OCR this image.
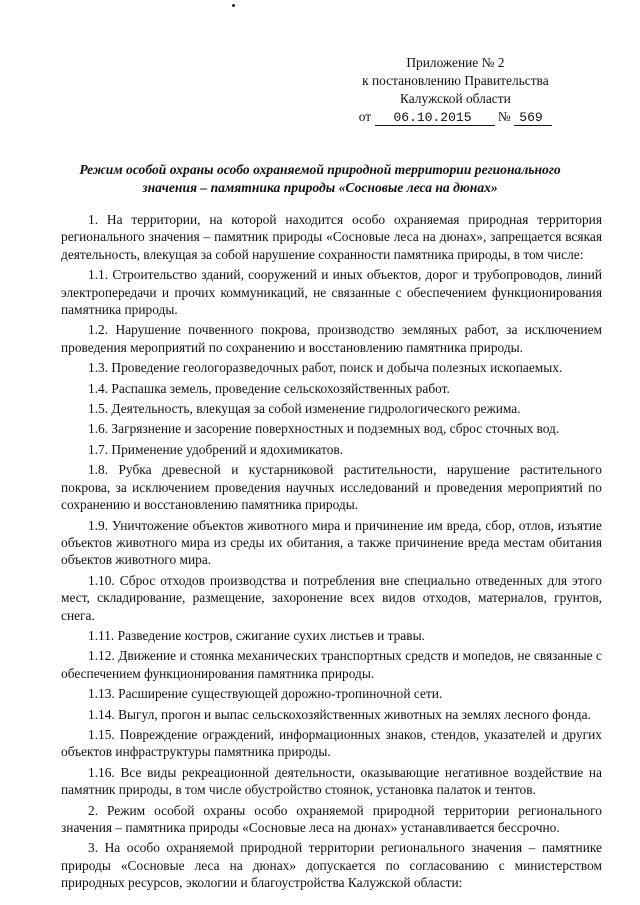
Приложение № 2
к постановлению Правительства
Калужской области
от 06.10.2015 № 569
Режим особой охраны особо охраняемой природной территории регионального значения – памятника природы «Сосновые леса на дюнах»

1. На территории, на которой находится особо охраняемая природная территория регионального значения – памятник природы «Сосновые леса на дюнах», запрещается всякая деятельность, влекущая за собой нарушение сохранности памятника природы, в том числе:

1.1. Строительство зданий, сооружений и иных объектов, дорог и трубопроводов, линий электропередачи и прочих коммуникаций, не связанные с обеспечением функционирования памятника природы.

1.2. Нарушение почвенного покрова, производство земляных работ, за исключением проведения мероприятий по сохранению и восстановлению памятника природы.

1.3. Проведение геологоразведочных работ, поиск и добыча полезных ископаемых.

1.4. Распашка земель, проведение сельскохозяйственных работ.

1.5. Деятельность, влекущая за собой изменение гидрологического режима.

1.6. Загрязнение и засорение поверхностных и подземных вод, сброс сточных вод.

1.7. Применение удобрений и ядохимикатов.

1.8. Рубка древесной и кустарниковой растительности, нарушение растительного покрова, за исключением проведения научных исследований и проведения мероприятий по сохранению и восстановлению памятника природы.

1.9. Уничтожение объектов животного мира и причинение им вреда, сбор, отлов, изъятие объектов животного мира из среды их обитания, а также причинение вреда местам обитания объектов животного мира.

1.10. Сброс отходов производства и потребления вне специально отведенных для этого мест, складирование, размещение, захоронение всех видов отходов, материалов, грунтов, снега.

1.11. Разведение костров, сжигание сухих листьев и травы.

1.12. Движение и стоянка механических транспортных средств и мопедов, не связанные с обеспечением функционирования памятника природы.

1.13. Расширение существующей дорожно-тропиночной сети.

1.14. Выгул, прогон и выпас сельскохозяйственных животных на землях лесного фонда.

1.15. Повреждение ограждений, информационных знаков, стендов, указателей и других объектов инфраструктуры памятника природы.

1.16. Все виды рекреационной деятельности, оказывающие негативное воздействие на памятник природы, в том числе обустройство стоянок, установка палаток и тентов.

2. Режим особой охраны особо охраняемой природной территории регионального значения – памятника природы «Сосновые леса на дюнах» устанавливается бессрочно.

3. На особо охраняемой природной территории регионального значения – памятнике природы «Сосновые леса на дюнах» допускается по согласованию с министерством природных ресурсов, экологии и благоустройства Калужской области:
